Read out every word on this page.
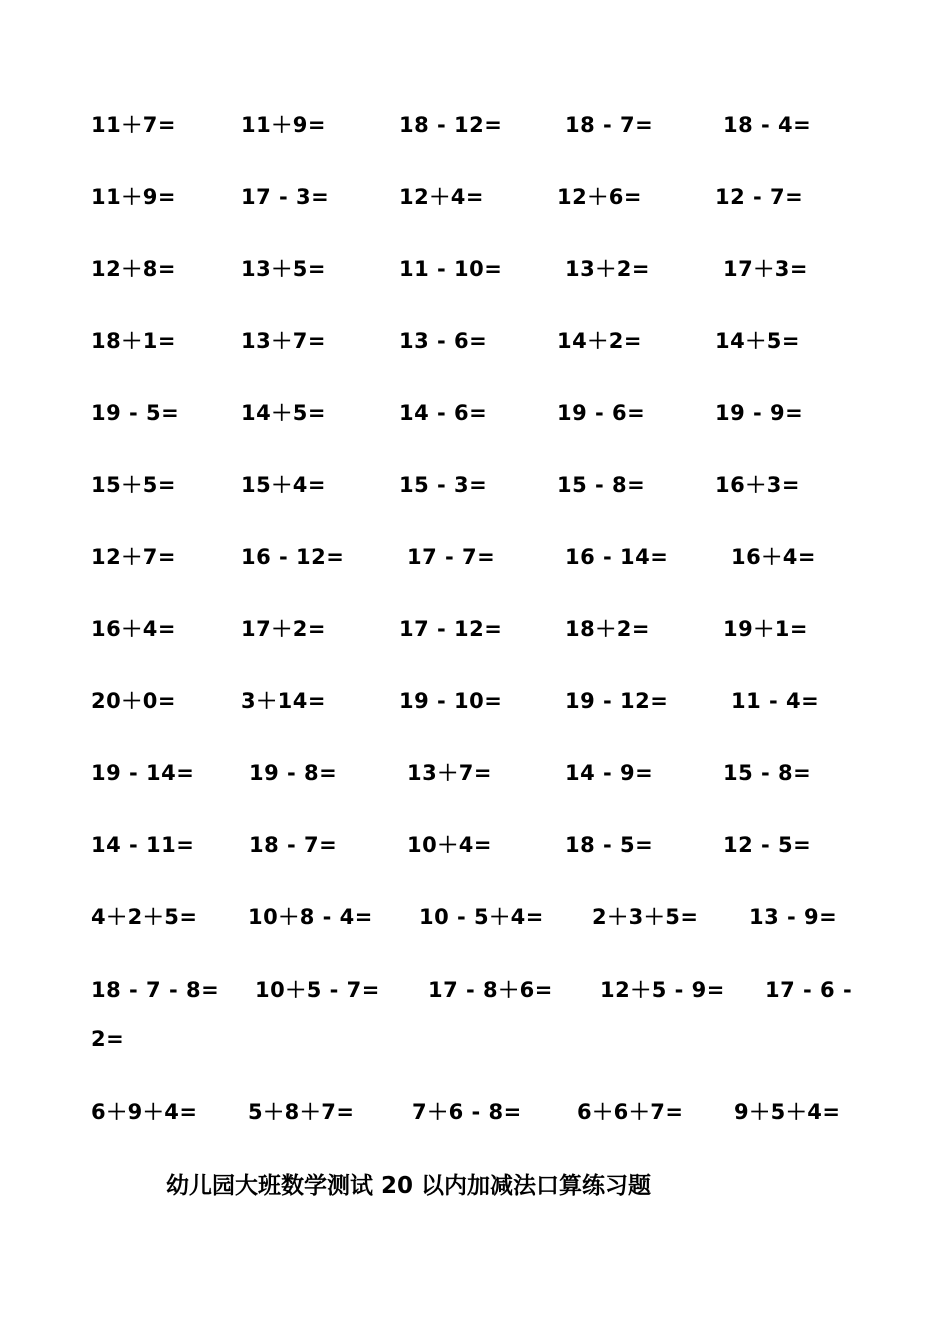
11＋7=	11＋9=	18 - 12=	18 - 7=	18 - 4=
11＋9=	17 - 3=	12＋4=	12＋6=	12 - 7=
12＋8=	13＋5=	11 - 10=	13＋2=	17＋3=
18＋1=	13＋7=	13 - 6=	14＋2=	14＋5=
19 - 5=	14＋5=	14 - 6=	19 - 6=	19 - 9=
15＋5=	15＋4=	15 - 3=	15 - 8=	16＋3=
12＋7=	16 - 12=	17 - 7=	16 - 14=	16＋4=
16＋4=	17＋2=	17 - 12=	18＋2=	19＋1=
20＋0=	3＋14=	19 - 10=	19 - 12=	11 - 4=
19 - 14=	19 - 8=	13＋7=	14 - 9=	15 - 8=
14 - 11=	18 - 7=	10＋4=	18 - 5=	12 - 5=
4＋2＋5= 10＋8 - 4= 10 - 5＋4= 2＋3＋5= 13 - 9=
18 - 7 - 8= 10＋5 - 7= 17 - 8＋6= 12＋5 - 9= 17 - 6 -
2=
6＋9＋4= 5＋8＋7=	7＋6 - 8=	6＋6＋7= 9＋5＋4=
幼儿园大班数学测试 20 以内加减法口算练习题
